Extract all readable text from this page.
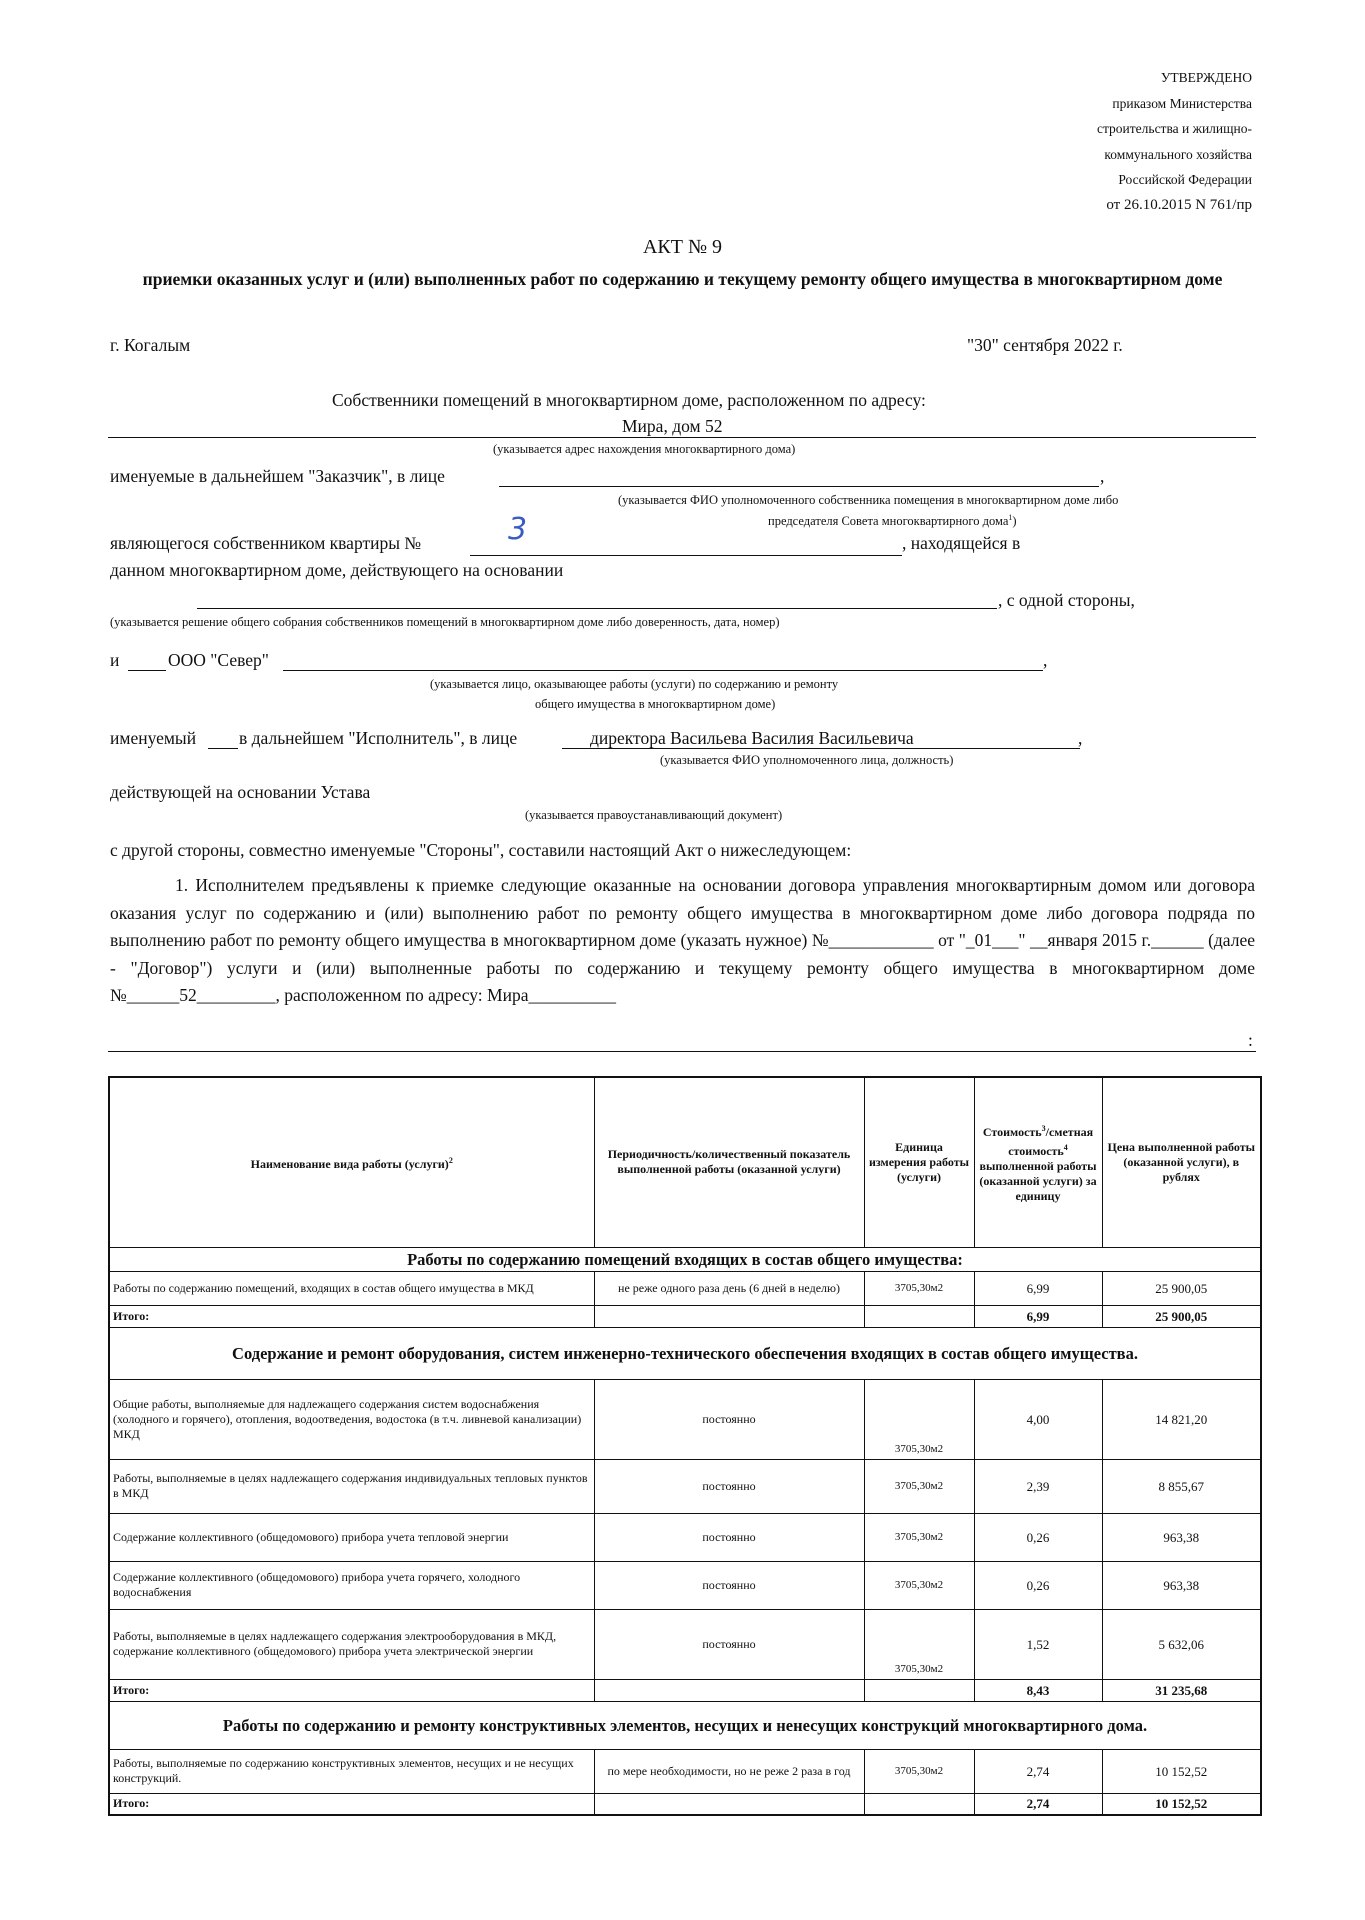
УТВЕРЖДЕНО
приказом Министерства
строительства и жилищно-
коммунального хозяйства
Российской Федерации
от 26.10.2015 N 761/пр
АКТ № 9
приемки оказанных услуг и (или) выполненных работ по содержанию и текущему ремонту общего имущества в многоквартирном доме
г. Когалым	"30" сентября 2022 г.
Собственники помещений в многоквартирном доме, расположенном по адресу:
Мира, дом 52
(указывается адрес нахождения многоквартирного дома)
именуемые в дальнейшем "Заказчик", в лице	,
(указывается ФИО уполномоченного собственника помещения в многоквартирном доме либо
председателя Совета многоквартирного дома$^1$)
являющегося собственником квартиры №	3	, находящейся в
данном многоквартирном доме, действующего на основании
, с одной стороны,
(указывается решение общего собрания собственников помещений в многоквартирном доме либо доверенность, дата, номер)
и	ООО "Север"	,
(указывается лицо, оказывающее работы (услуги) по содержанию и ремонту
общего имущества в многоквартирном доме)
именуемый в дальнейшем "Исполнитель", в лице	директора Васильева Василия Васильевича	,
(указывается ФИО уполномоченного лица, должность)
действующей на основании Устава
(указывается правоустанавливающий документ)
с другой стороны, совместно именуемые "Стороны", составили настоящий Акт о нижеследующем:
1. Исполнителем предъявлены к приемке следующие оказанные на основании договора управления многоквартирным домом или договора оказания услуг по содержанию и (или) выполнению работ по ремонту общего имущества в многоквартирном доме либо договора подряда по выполнению работ по ремонту общего имущества в многоквартирном доме (указать нужное) №____________ от "_01___" __января 2015 г.______ (далее - "Договор") услуги и (или) выполненные работы по содержанию и текущему ремонту общего имущества в многоквартирном доме №______52_________, расположенном по адресу: Мира__________
:
Наименование вида работы (услуги)$^2$	Периодичность/количественный показатель выполненной работы (оказанной услуги)	Единица измерения работы (услуги)	Стоимость$^3$/сметная стоимость$^4$ выполненной работы (оказанной услуги) за единицу	Цена выполненной работы (оказанной услуги), в рублях
Работы по содержанию помещений входящих в состав общего имущества:				
Работы по содержанию помещений, входящих в состав общего имущества в МКД	не реже одного раза день (6 дней в неделю)	3705,30м2	6,99	25 900,05
Итого:			6,99	25 900,05
Содержание и ремонт оборудования, систем инженерно-технического обеспечения входящих в состав общего имущества.				
Общие работы, выполняемые для надлежащего содержания систем водоснабжения (холодного и горячего), отопления, водоотведения, водостока (в т.ч. ливневой канализации) МКД	постоянно	3705,30м2	4,00	14 821,20
Работы, выполняемые в целях надлежащего содержания индивидуальных тепловых пунктов в МКД	постоянно	3705,30м2	2,39	8 855,67
Содержание коллективного (общедомового) прибора учета тепловой энергии	постоянно	3705,30м2	0,26	963,38
Содержание коллективного (общедомового) прибора учета горячего, холодного водоснабжения	постоянно	3705,30м2	0,26	963,38
Работы, выполняемые в целях надлежащего содержания электрооборудования в МКД, содержание коллективного (общедомового) прибора учета электрической энергии	постоянно	3705,30м2	1,52	5 632,06
Итого:			8,43	31 235,68
Работы по содержанию и ремонту конструктивных элементов, несущих и ненесущих конструкций многоквартирного дома.				
Работы, выполняемые по содержанию конструктивных элементов, несущих и не несущих конструкций.	по мере необходимости, но не реже 2 раза в год	3705,30м2	2,74	10 152,52
Итого:			2,74	10 152,52
